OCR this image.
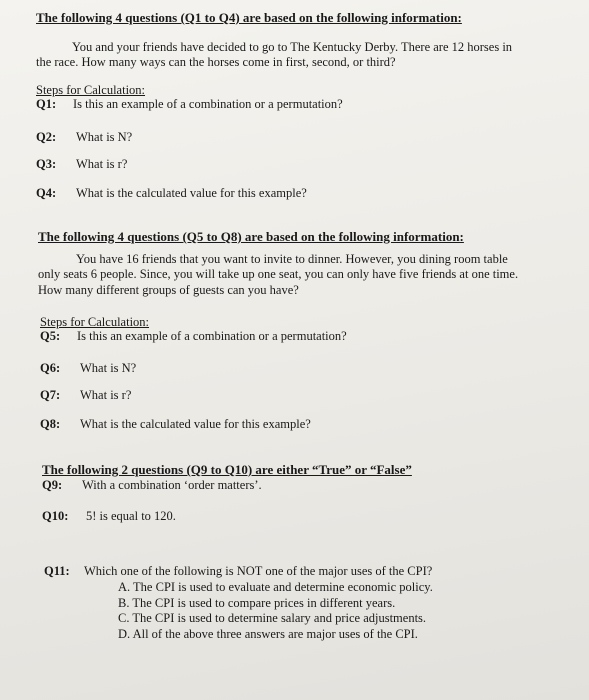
The following 4 questions (Q1 to Q4) are based on the following information:
You and your friends have decided to go to The Kentucky Derby. There are 12 horses in
the race. How many ways can the horses come in first, second, or third?
Steps for Calculation:
Q1: Is this an example of a combination or a permutation?
Q2: What is N?
Q3: What is r?
Q4: What is the calculated value for this example?
The following 4 questions (Q5 to Q8) are based on the following information:
You have 16 friends that you want to invite to dinner. However, you dining room table
only seats 6 people. Since, you will take up one seat, you can only have five friends at one time.
How many different groups of guests can you have?
Steps for Calculation:
Q5: Is this an example of a combination or a permutation?
Q6: What is N?
Q7: What is r?
Q8: What is the calculated value for this example?
The following 2 questions (Q9 to Q10) are either “True” or “False”
Q9: With a combination ‘order matters’.
Q10: 5! is equal to 120.
Q11: Which one of the following is NOT one of the major uses of the CPI?
A. The CPI is used to evaluate and determine economic policy.
B. The CPI is used to compare prices in different years.
C. The CPI is used to determine salary and price adjustments.
D. All of the above three answers are major uses of the CPI.
